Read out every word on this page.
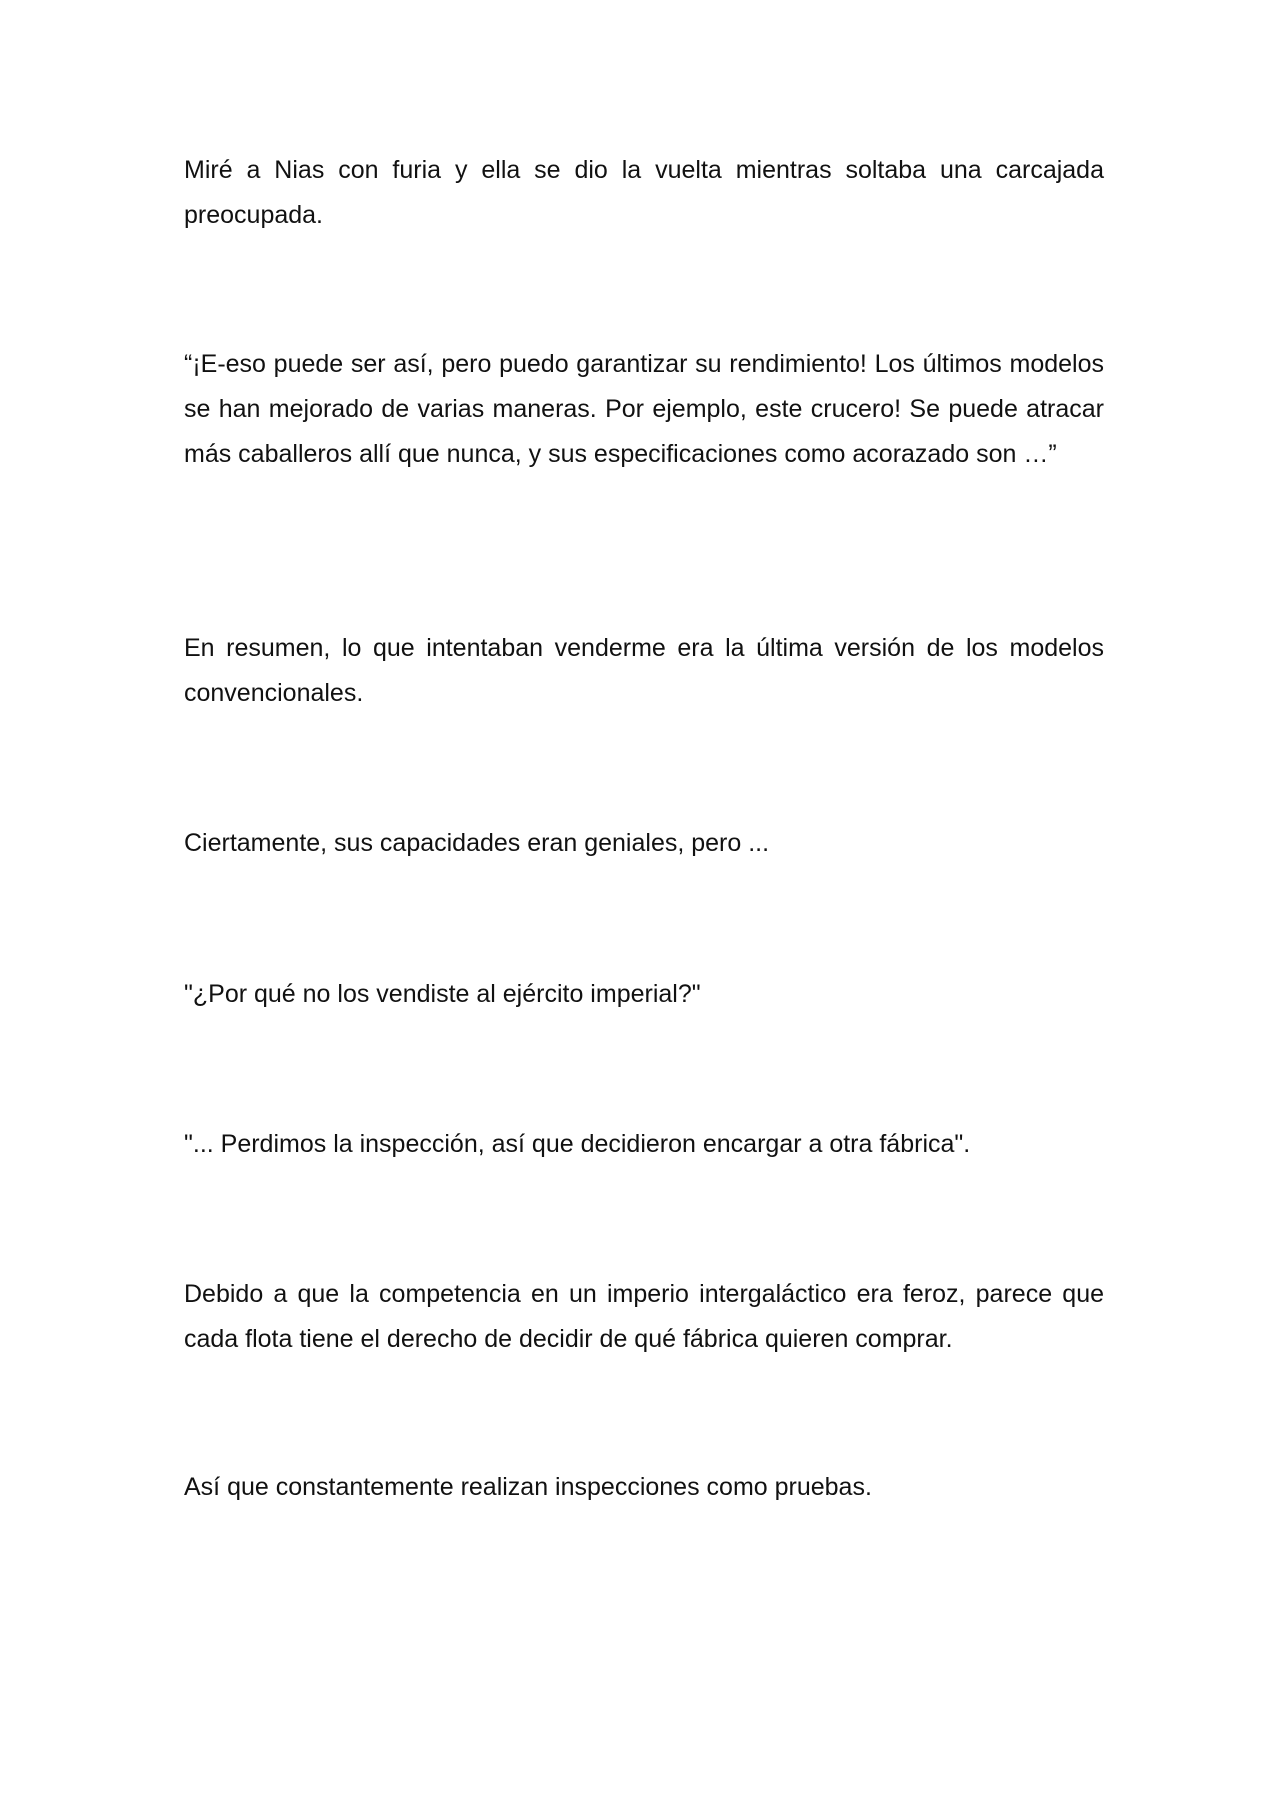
Miré a Nias con furia y ella se dio la vuelta mientras soltaba una carcajada preocupada.

“¡E-eso puede ser así, pero puedo garantizar su rendimiento! Los últimos modelos se han mejorado de varias maneras. Por ejemplo, este crucero! Se puede atracar más caballeros allí que nunca, y sus especificaciones como acorazado son …”

En resumen, lo que intentaban venderme era la última versión de los modelos convencionales.

Ciertamente, sus capacidades eran geniales, pero ...

"¿Por qué no los vendiste al ejército imperial?"

"... Perdimos la inspección, así que decidieron encargar a otra fábrica".

Debido a que la competencia en un imperio intergaláctico era feroz, parece que cada flota tiene el derecho de decidir de qué fábrica quieren comprar.

Así que constantemente realizan inspecciones como pruebas.
